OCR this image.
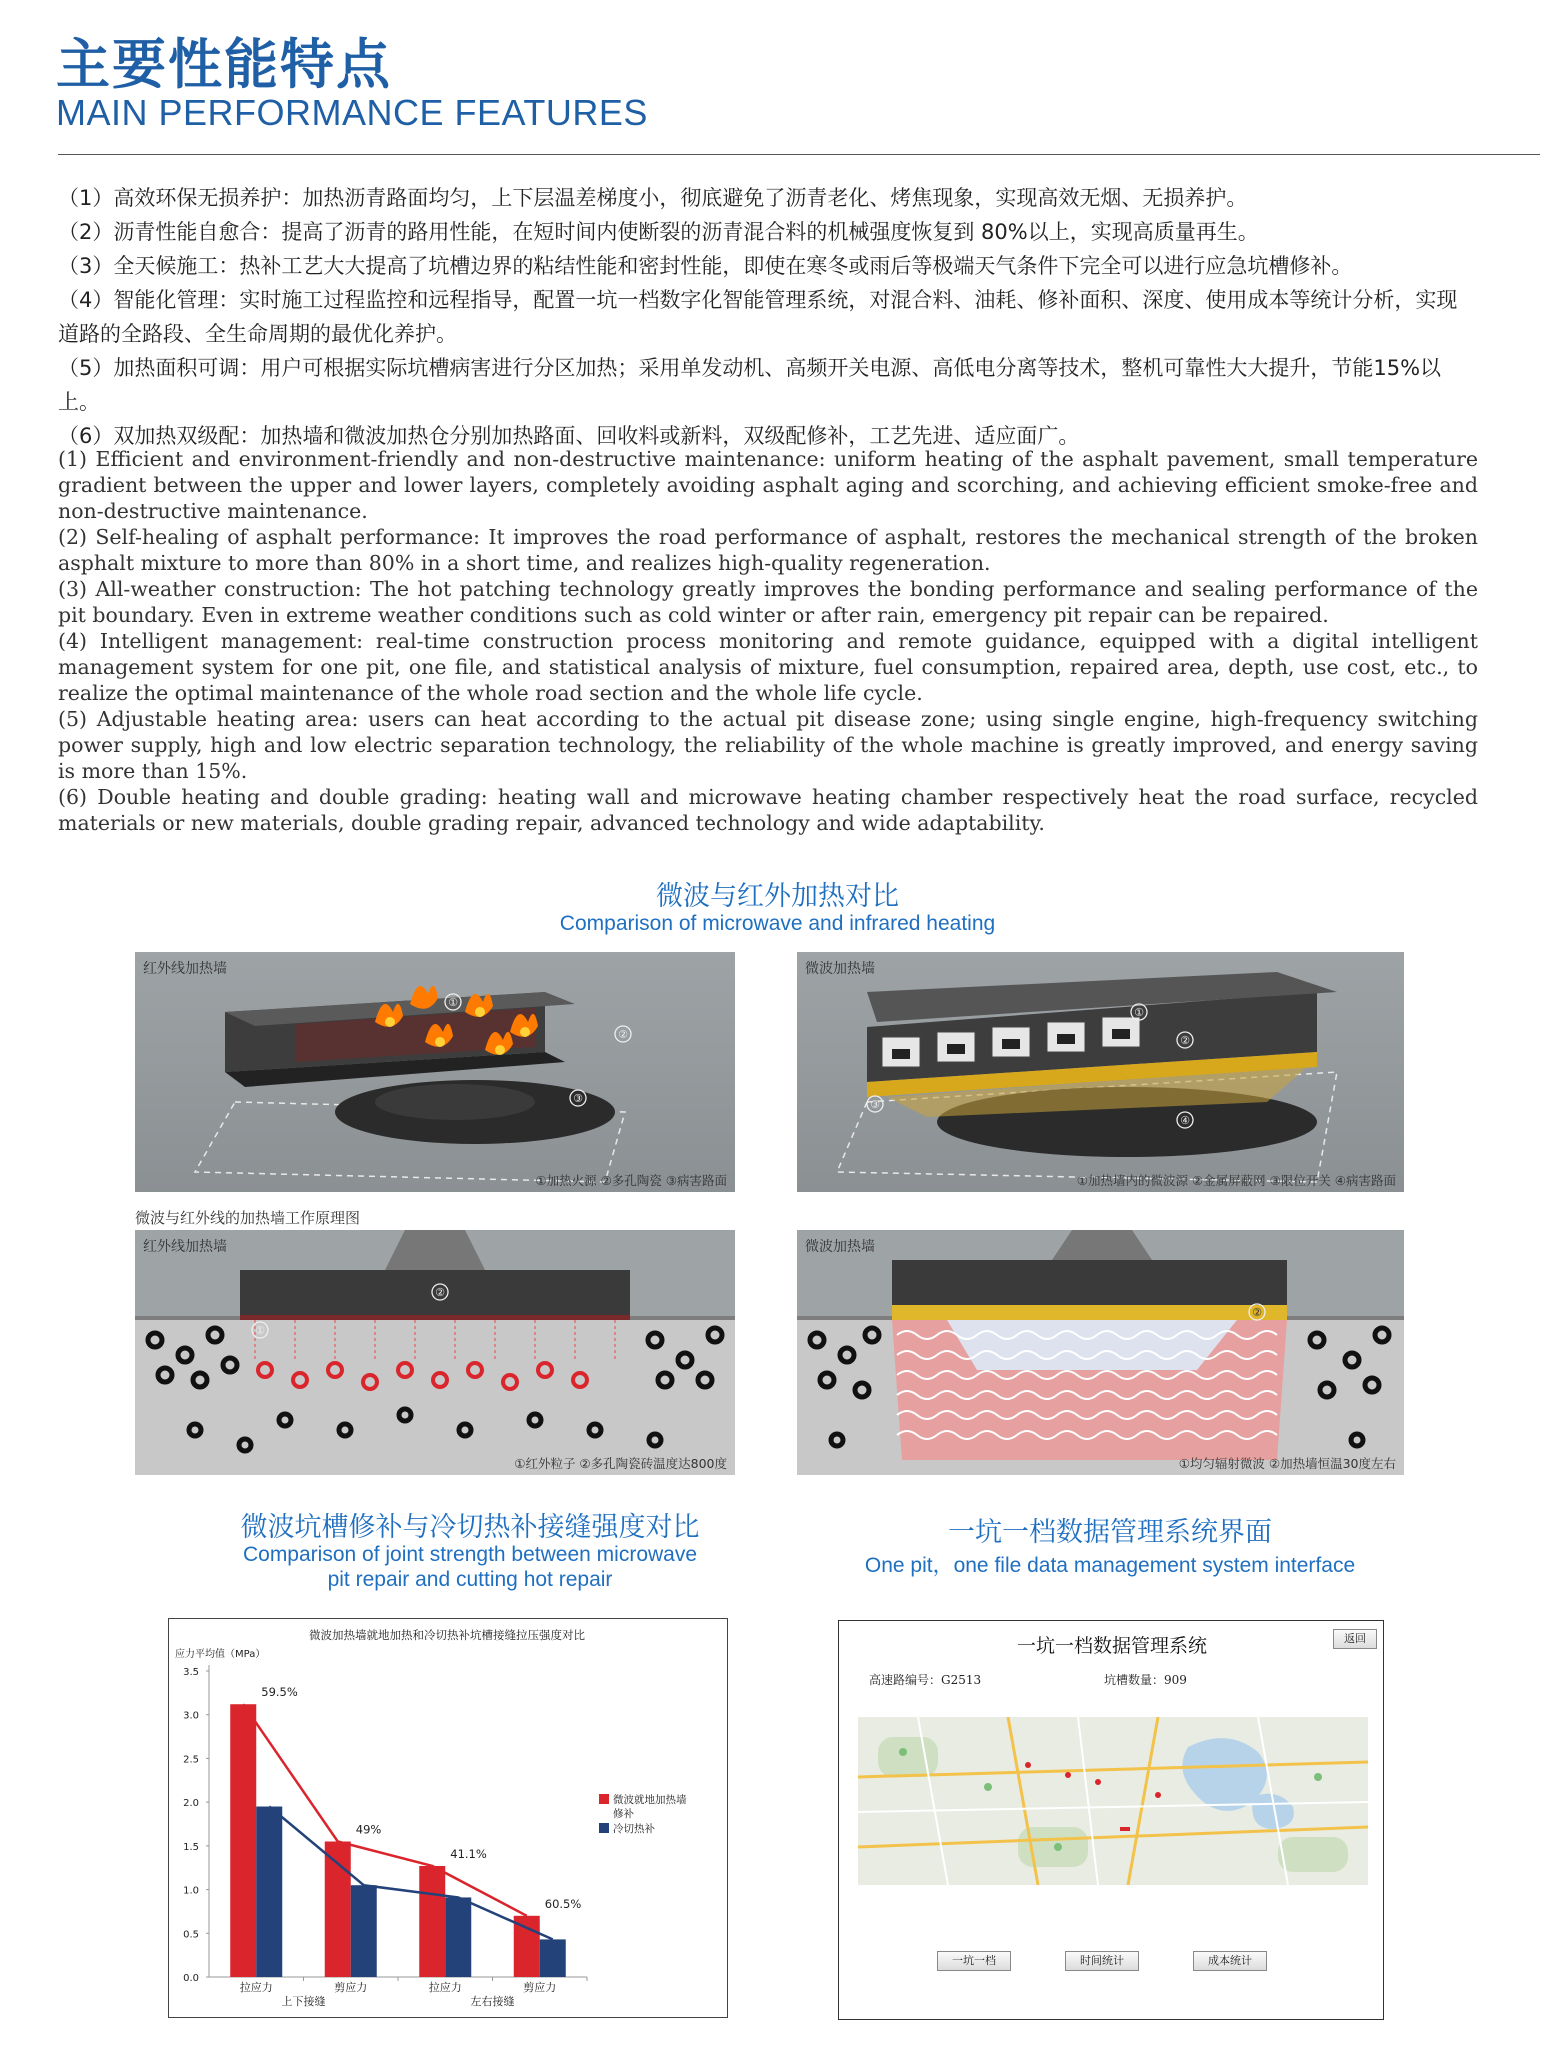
主要性能特点
MAIN PERFORMANCE FEATURES
（1）高效环保无损养护：加热沥青路面均匀，上下层温差梯度小，彻底避免了沥青老化、烤焦现象，实现高效无烟、无损养护。
（2）沥青性能自愈合：提高了沥青的路用性能，在短时间内使断裂的沥青混合料的机械强度恢复到 80%以上，实现高质量再生。
（3）全天候施工：热补工艺大大提高了坑槽边界的粘结性能和密封性能，即使在寒冬或雨后等极端天气条件下完全可以进行应急坑槽修补。
（4）智能化管理：实时施工过程监控和远程指导，配置一坑一档数字化智能管理系统，对混合料、油耗、修补面积、深度、使用成本等统计分析，实现道路的全路段、全生命周期的最优化养护。
（5）加热面积可调：用户可根据实际坑槽病害进行分区加热；采用单发动机、高频开关电源、高低电分离等技术，整机可靠性大大提升，节能15%以上。
（6）双加热双级配：加热墙和微波加热仓分别加热路面、回收料或新料，双级配修补，工艺先进、适应面广。

(1) Efficient and environment-friendly and non-destructive maintenance: uniform heating of the asphalt pavement, small temperature gradient between the upper and lower layers, completely avoiding asphalt aging and scorching, and achieving efficient smoke-free and non-destructive maintenance.

(2) Self-healing of asphalt performance: It improves the road performance of asphalt, restores the mechanical strength of the broken asphalt mixture to more than 80% in a short time, and realizes high-quality regeneration.

(3) All-weather construction: The hot patching technology greatly improves the bonding performance and sealing performance of the pit boundary. Even in extreme weather conditions such as cold winter or after rain, emergency pit repair can be repaired.

(4) Intelligent management: real-time construction process monitoring and remote guidance, equipped with a digital intelligent management system for one pit, one file, and statistical analysis of mixture, fuel consumption, repaired area, depth, use cost, etc., to realize the optimal maintenance of the whole road section and the whole life cycle.

(5) Adjustable heating area: users can heat according to the actual pit disease zone; using single engine, high-frequency switching power supply, high and low electric separation technology, the reliability of the whole machine is greatly improved, and energy saving is more than 15%.

(6) Double heating and double grading: heating wall and microwave heating chamber respectively heat the road surface, recycled materials or new materials, double grading repair, advanced technology and wide adaptability.

微波与红外加热对比
Comparison of microwave and infrared heating
①
②
③
红外线加热墙
①加热火源 ②多孔陶瓷 ③病害路面
①
②
③
④
微波加热墙
①加热墙内的微波源 ②金属屏蔽网 ③限位开关 ④病害路面
微波与红外线的加热墙工作原理图
②
①
红外线加热墙
①红外粒子 ②多孔陶瓷砖温度达800度
②
微波加热墙
①均匀辐射微波 ②加热墙恒温30度左右
微波坑槽修补与冷切热补接缝强度对比
Comparison of joint strength between microwave
pit repair and cutting hot repair
微波加热墙就地加热和冷切热补坑槽接缝拉压强度对比
应力平均值（MPa）
0.0
0.5
1.0
1.5
2.0
2.5
3.0
3.5
拉应力	剪应力	拉应力	剪应力
上下接缝	左右接缝
59.5%
49%
41.1%
60.5%
微波就地加热墙
修补
冷切热补
一坑一档数据管理系统界面
One pit，one file data management system interface
一坑一档数据管理系统	返回
高速路编号：G2513	坑槽数量：909
一坑一档	时间统计	成本统计
